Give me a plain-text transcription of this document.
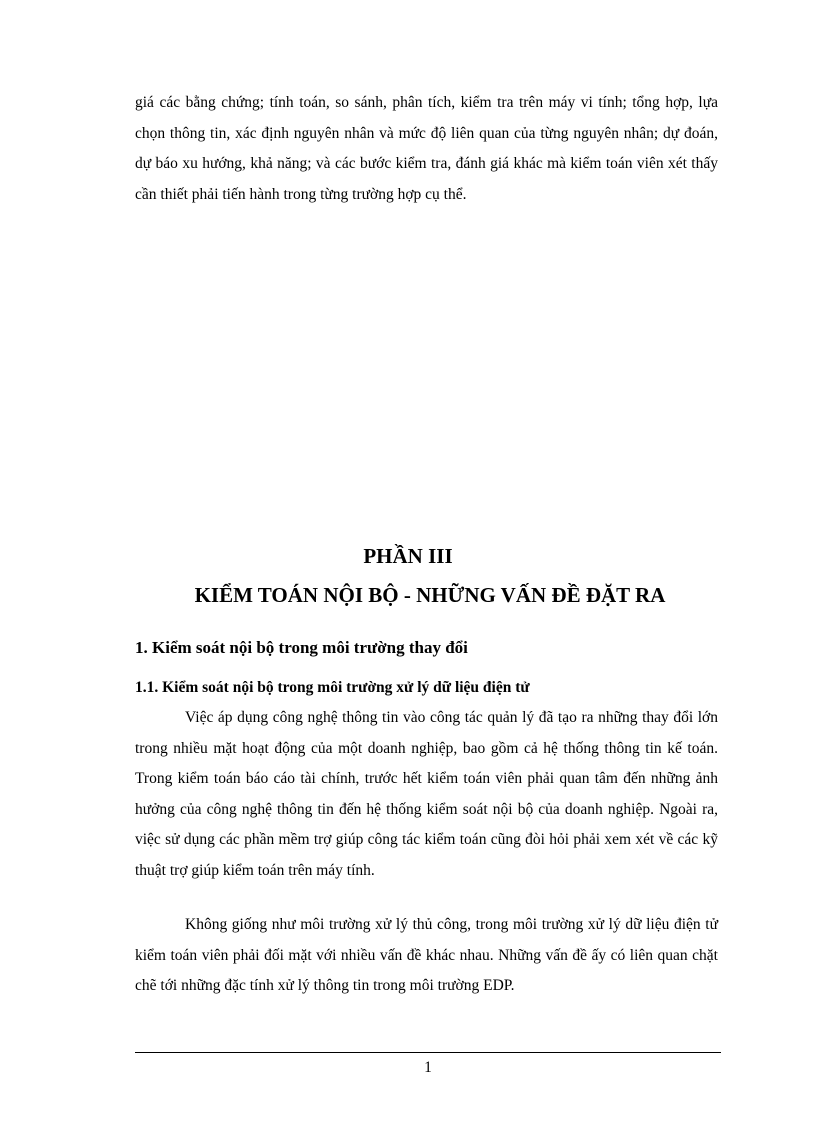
giá các bằng chứng; tính toán, so sánh, phân tích, kiểm tra trên máy vi tính; tổng hợp, lựa chọn thông tin, xác định nguyên nhân và mức độ liên quan của từng nguyên nhân; dự đoán, dự báo xu hướng, khả năng; và các bước kiểm tra, đánh giá khác mà kiểm toán viên xét thấy cần thiết phải tiến hành trong từng trường hợp cụ thể.

PHẦN III
KIỂM TOÁN NỘI BỘ - NHỮNG VẤN ĐỀ ĐẶT RA
1. Kiểm soát nội bộ trong môi trường thay đổi
1.1. Kiểm soát nội bộ trong môi trường xử lý dữ liệu điện tử

Việc áp dụng công nghệ thông tin vào công tác quản lý đã tạo ra những thay đổi lớn trong nhiều mặt hoạt động của một doanh nghiệp, bao gồm cả hệ thống thông tin kế toán. Trong kiểm toán báo cáo tài chính, trước hết kiểm toán viên phải quan tâm đến những ảnh hưởng của công nghệ thông tin đến hệ thống kiểm soát nội bộ của doanh nghiệp. Ngoài ra, việc sử dụng các phần mềm trợ giúp công tác kiểm toán cũng đòi hỏi phải xem xét về các kỹ thuật trợ giúp kiểm toán trên máy tính.

Không giống như môi trường xử lý thủ công, trong môi trường xử lý dữ liệu điện tử kiểm toán viên phải đối mặt với nhiều vấn đề khác nhau. Những vấn đề ấy có liên quan chặt chẽ tới những đặc tính xử lý thông tin trong môi trường EDP.

1
